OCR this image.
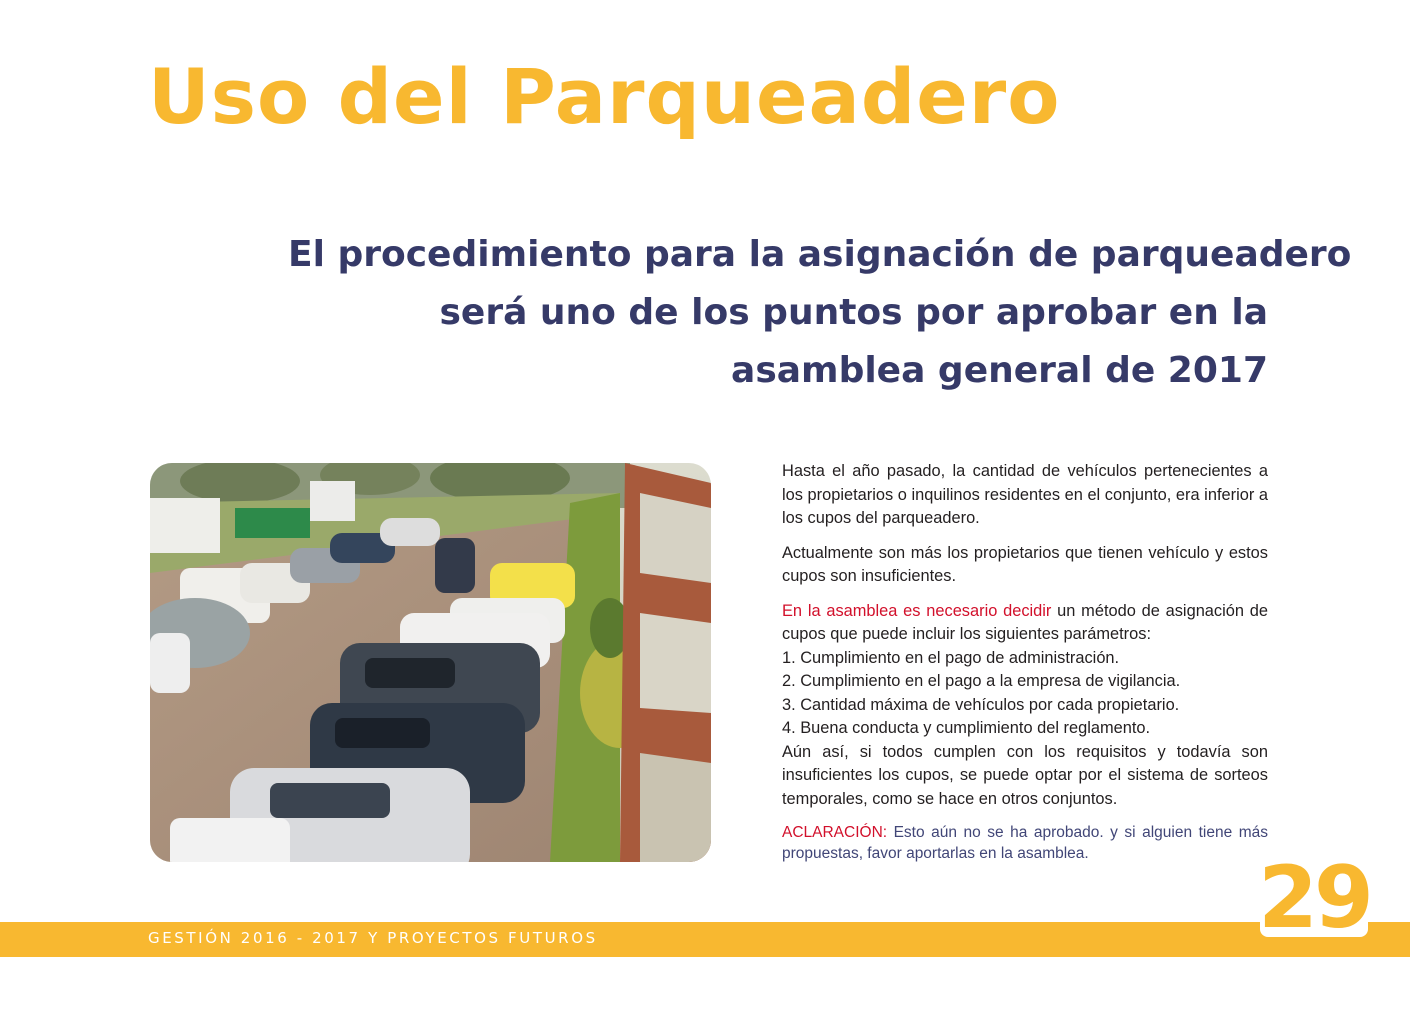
Uso del Parqueadero
El procedimiento para la asignación de parqueadero
será uno de los puntos por aprobar en la
asamblea general de 2017

Hasta el año pasado, la cantidad de vehículos pertenecientes a los propietarios o inquilinos residentes en el conjunto, era inferior a los cupos del parqueadero.

Actualmente son más los propietarios que tienen vehículo y estos cupos son insuficientes.

En la asamblea es necesario decidir un método de asignación de cupos que puede incluir los siguientes parámetros:

1. Cumplimiento en el pago de administración.
2. Cumplimiento en el pago a la empresa de vigilancia.
3. Cantidad máxima de vehículos por cada propietario.
4. Buena conducta y cumplimiento del reglamento.

Aún así, si todos cumplen con los requisitos y todavía son insuficientes los cupos, se puede optar por el sistema de sorteos temporales, como se hace en otros conjuntos.

ACLARACIÓN: Esto aún no se ha aprobado. y si alguien tiene más propuestas, favor aportarlas en la asamblea.

GESTIÓN 2016 - 2017 Y PROYECTOS FUTUROS	29
